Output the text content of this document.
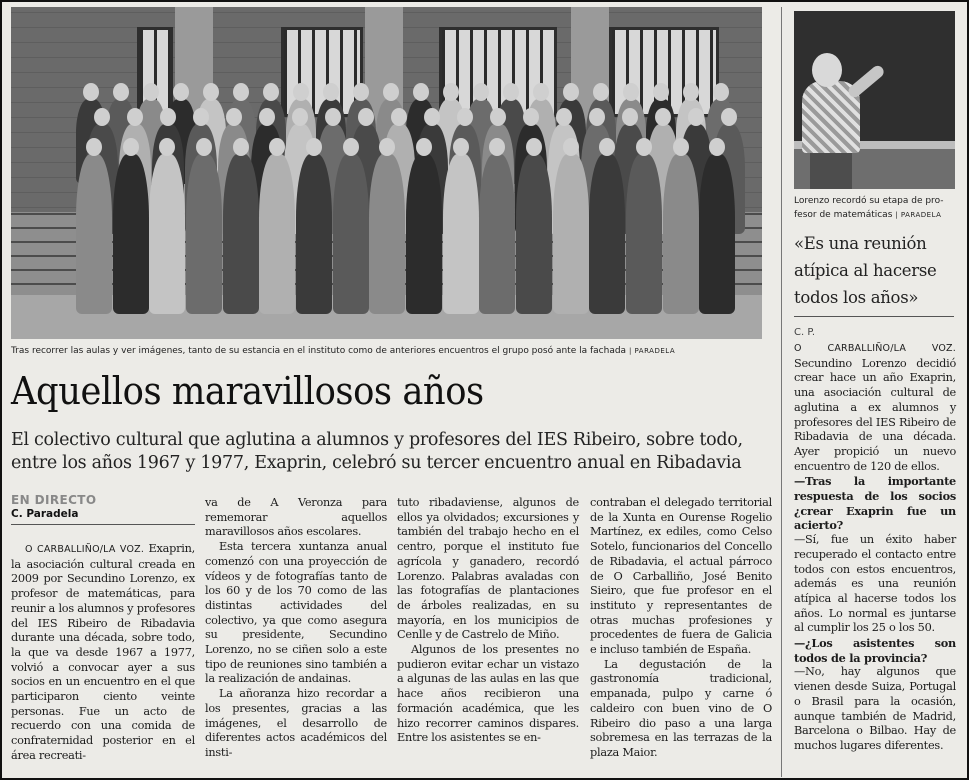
Tras recorrer las aulas y ver imágenes, tanto de su estancia en el instituto como de anteriores encuentros el grupo posó ante la fachada | PARADELA
Lorenzo recordó su etapa de pro-
fesor de matemáticas | PARADELA
«Es una reunión atípica al hacerse todos los años»
C. P.
Aquellos maravillosos años
El colectivo cultural que aglutina a alumnos y profesores del IES Ribeiro, sobre todo, entre los años 1967 y 1977, Exaprin, celebró su tercer encuentro anual en Ribadavia
EN DIRECTO
C. Paradela

O CARBALLIÑO/LA VOZ. Exaprin, la asociación cultural creada en 2009 por Secundino Lorenzo, ex profesor de matemáticas, para reunir a los alumnos y profesores del IES Ribeiro de Ribadavia durante una década, sobre todo, la que va desde 1967 a 1977, volvió a convocar ayer a sus socios en un encuentro en el que participaron ciento veinte personas. Fue un acto de recuerdo con una comida de confraternidad posterior en el área recreati-

va de A Veronza para rememorar aquellos maravillosos años escolares.

Esta tercera xuntanza anual comenzó con una proyección de vídeos y de fotografías tanto de los 60 y de los 70 como de las distintas actividades del colectivo, ya que como asegura su presidente, Secundino Lorenzo, no se ciñen solo a este tipo de reuniones sino también a la realización de andainas.

La añoranza hizo recordar a los presentes, gracias a las imágenes, el desarrollo de diferentes actos académicos del insti-

tuto ribadaviense, algunos de ellos ya olvidados; excursiones y también del trabajo hecho en el centro, porque el instituto fue agrícola y ganadero, recordó Lorenzo. Palabras avaladas con las fotografías de plantaciones de árboles realizadas, en su mayoría, en los municipios de Cenlle y de Castrelo de Miño.

Algunos de los presentes no pudieron evitar echar un vistazo a algunas de las aulas en las que hace años recibieron una formación académica, que les hizo recorrer caminos dispares. Entre los asistentes se en-

contraban el delegado territorial de la Xunta en Ourense Rogelio Martínez, ex ediles, como Celso Sotelo, funcionarios del Concello de Ribadavia, el actual párroco de O Carballiño, José Benito Sieiro, que fue profesor en el instituto y representantes de otras muchas profesiones y procedentes de fuera de Galicia e incluso también de España.

La degustación de la gastronomía tradicional, empanada, pulpo y carne ó caldeiro con buen vino de O Ribeiro dio paso a una larga sobremesa en las terrazas de la plaza Maior.

O CARBALLIÑO/LA VOZ. Secundino Lorenzo decidió crear hace un año Exaprin, una asociación cultural de aglutina a ex alumnos y profesores del IES Ribeiro de Ribadavia de una década. Ayer propició un nuevo encuentro de 120 de ellos.

—Tras la importante respuesta de los socios ¿crear Exaprin fue un acierto?

—Sí, fue un éxito haber recuperado el contacto entre todos con estos encuentros, además es una reunión atípica al hacerse todos los años. Lo normal es juntarse al cumplir los 25 o los 50.

—¿Los asistentes son todos de la provincia?

—No, hay algunos que vienen desde Suiza, Portugal o Brasil para la ocasión, aunque también de Madrid, Barcelona o Bilbao. Hay de muchos lugares diferentes.
